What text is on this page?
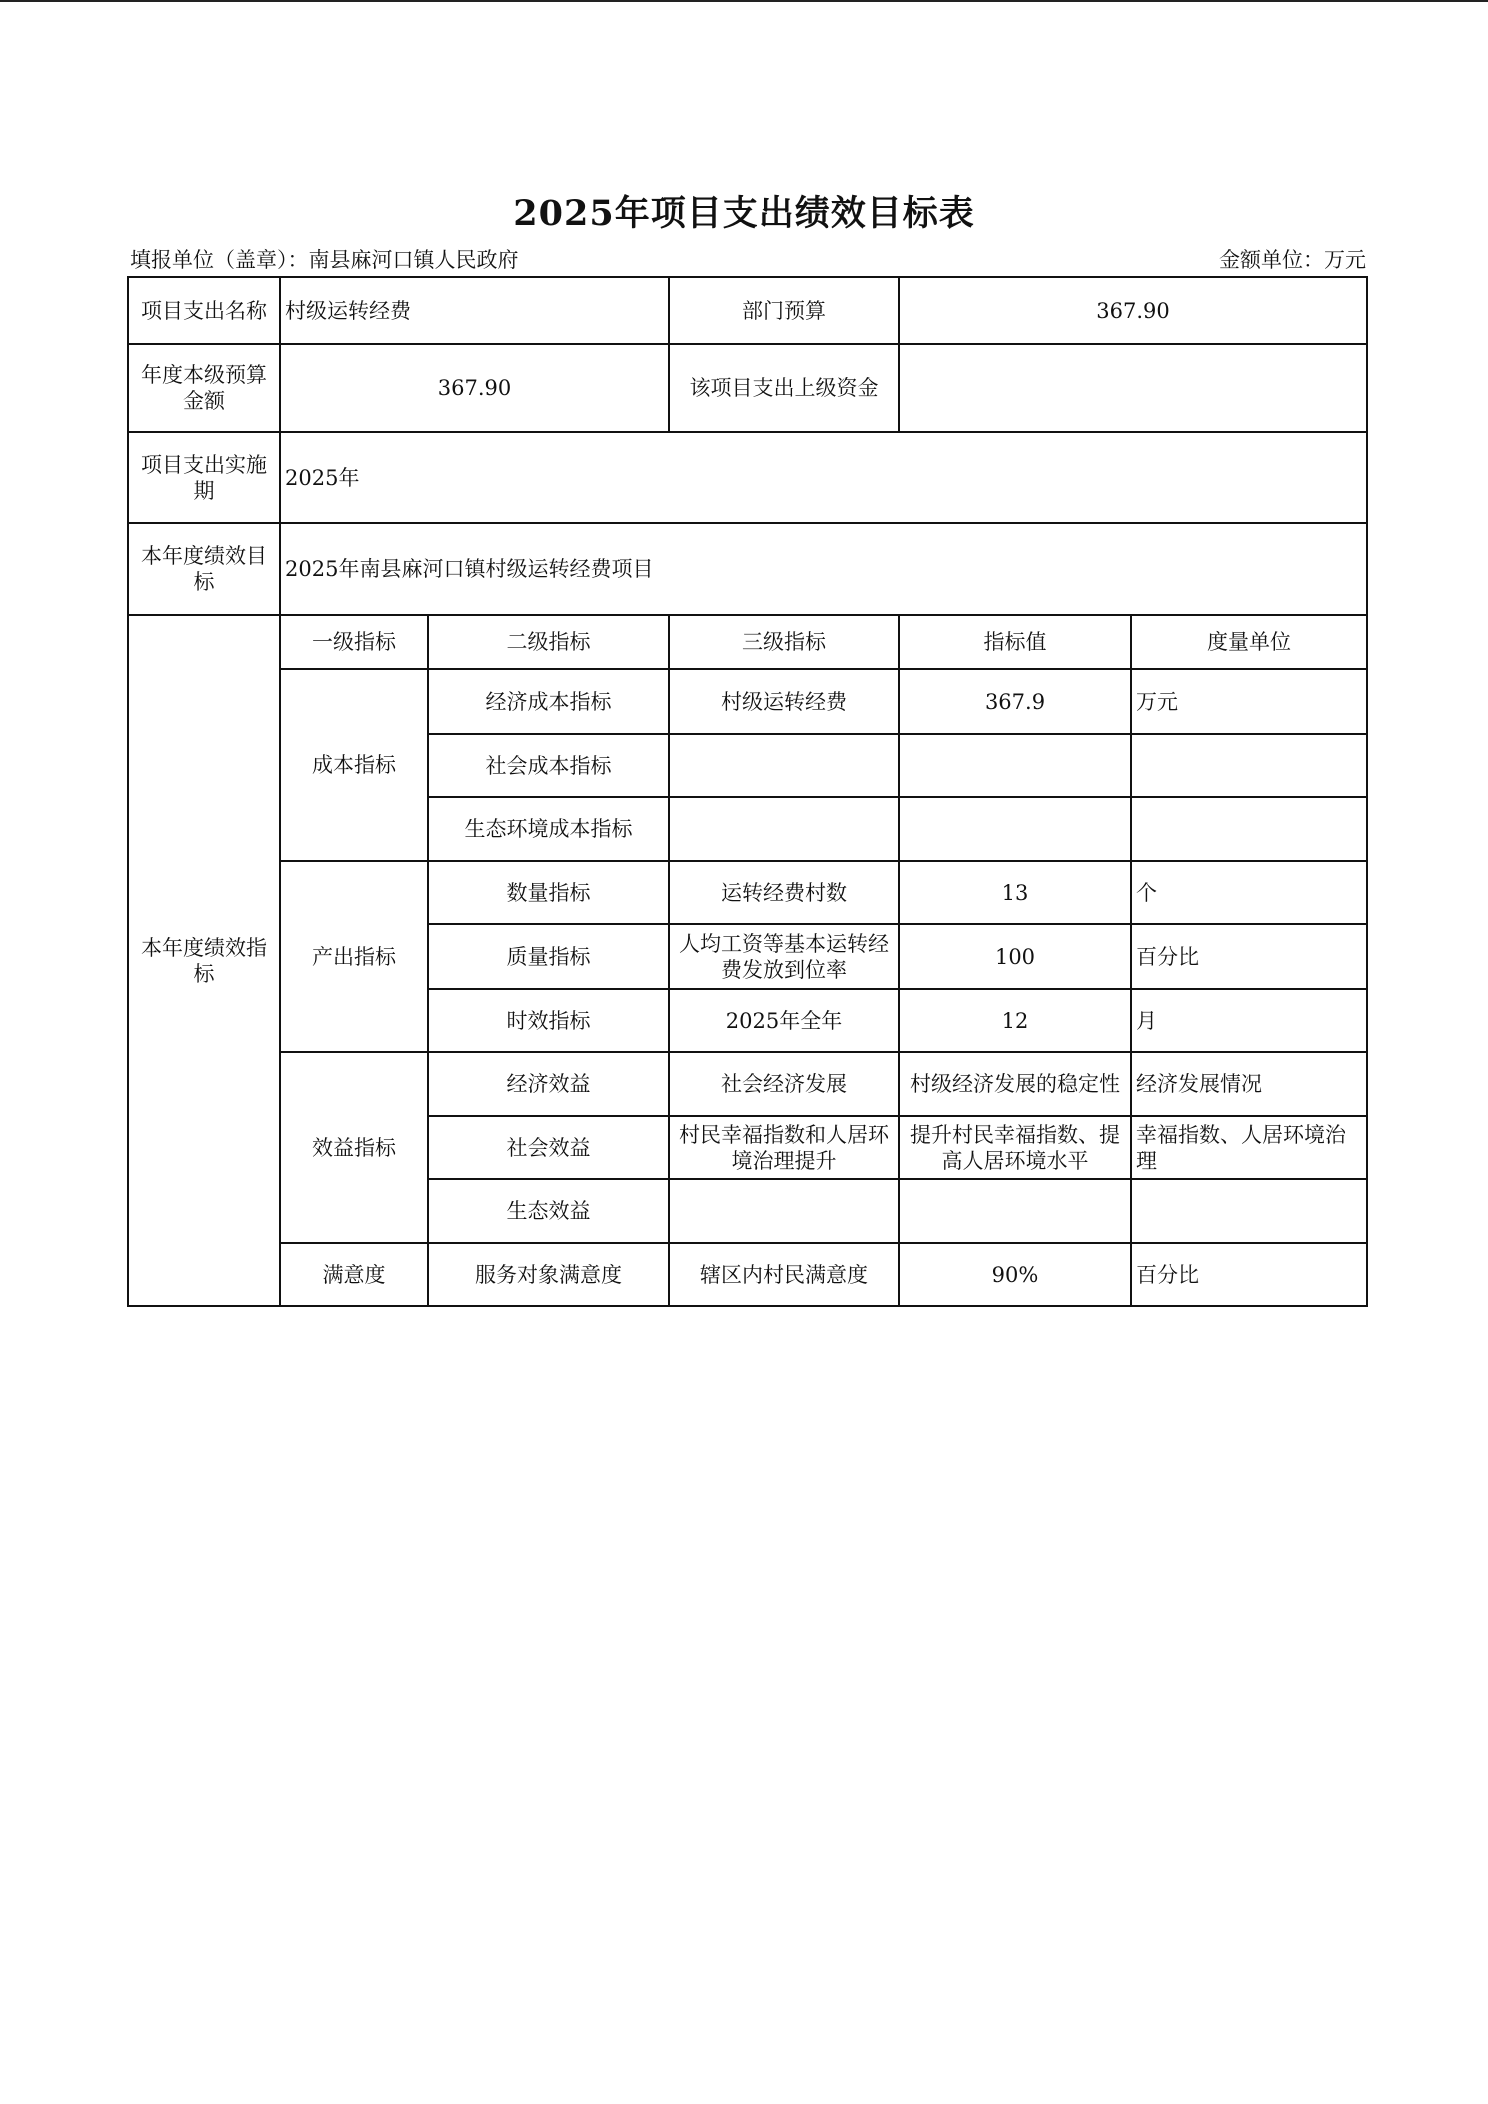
2025年项目支出绩效目标表
填报单位（盖章）：南县麻河口镇人民政府	金额单位：万元
项目支出名称	村级运转经费		部门预算	367.90	
年度本级预算金额	367.90		该项目支出上级资金		
项目支出实施期	2025年				
本年度绩效目标	2025年南县麻河口镇村级运转经费项目				
本年度绩效指标	一级指标	二级指标	三级指标	指标值	度量单位
	成本指标	经济成本指标	村级运转经费	367.9	万元
		社会成本指标			
		生态环境成本指标			
	产出指标	数量指标	运转经费村数	13	个
		质量指标	人均工资等基本运转经费发放到位率	100	百分比
		时效指标	2025年全年	12	月
	效益指标	经济效益	社会经济发展	村级经济发展的稳定性	经济发展情况
		社会效益	村民幸福指数和人居环境治理提升	提升村民幸福指数、提高人居环境水平	幸福指数、人居环境治理
		生态效益			
	满意度	服务对象满意度	辖区内村民满意度	90%	百分比
